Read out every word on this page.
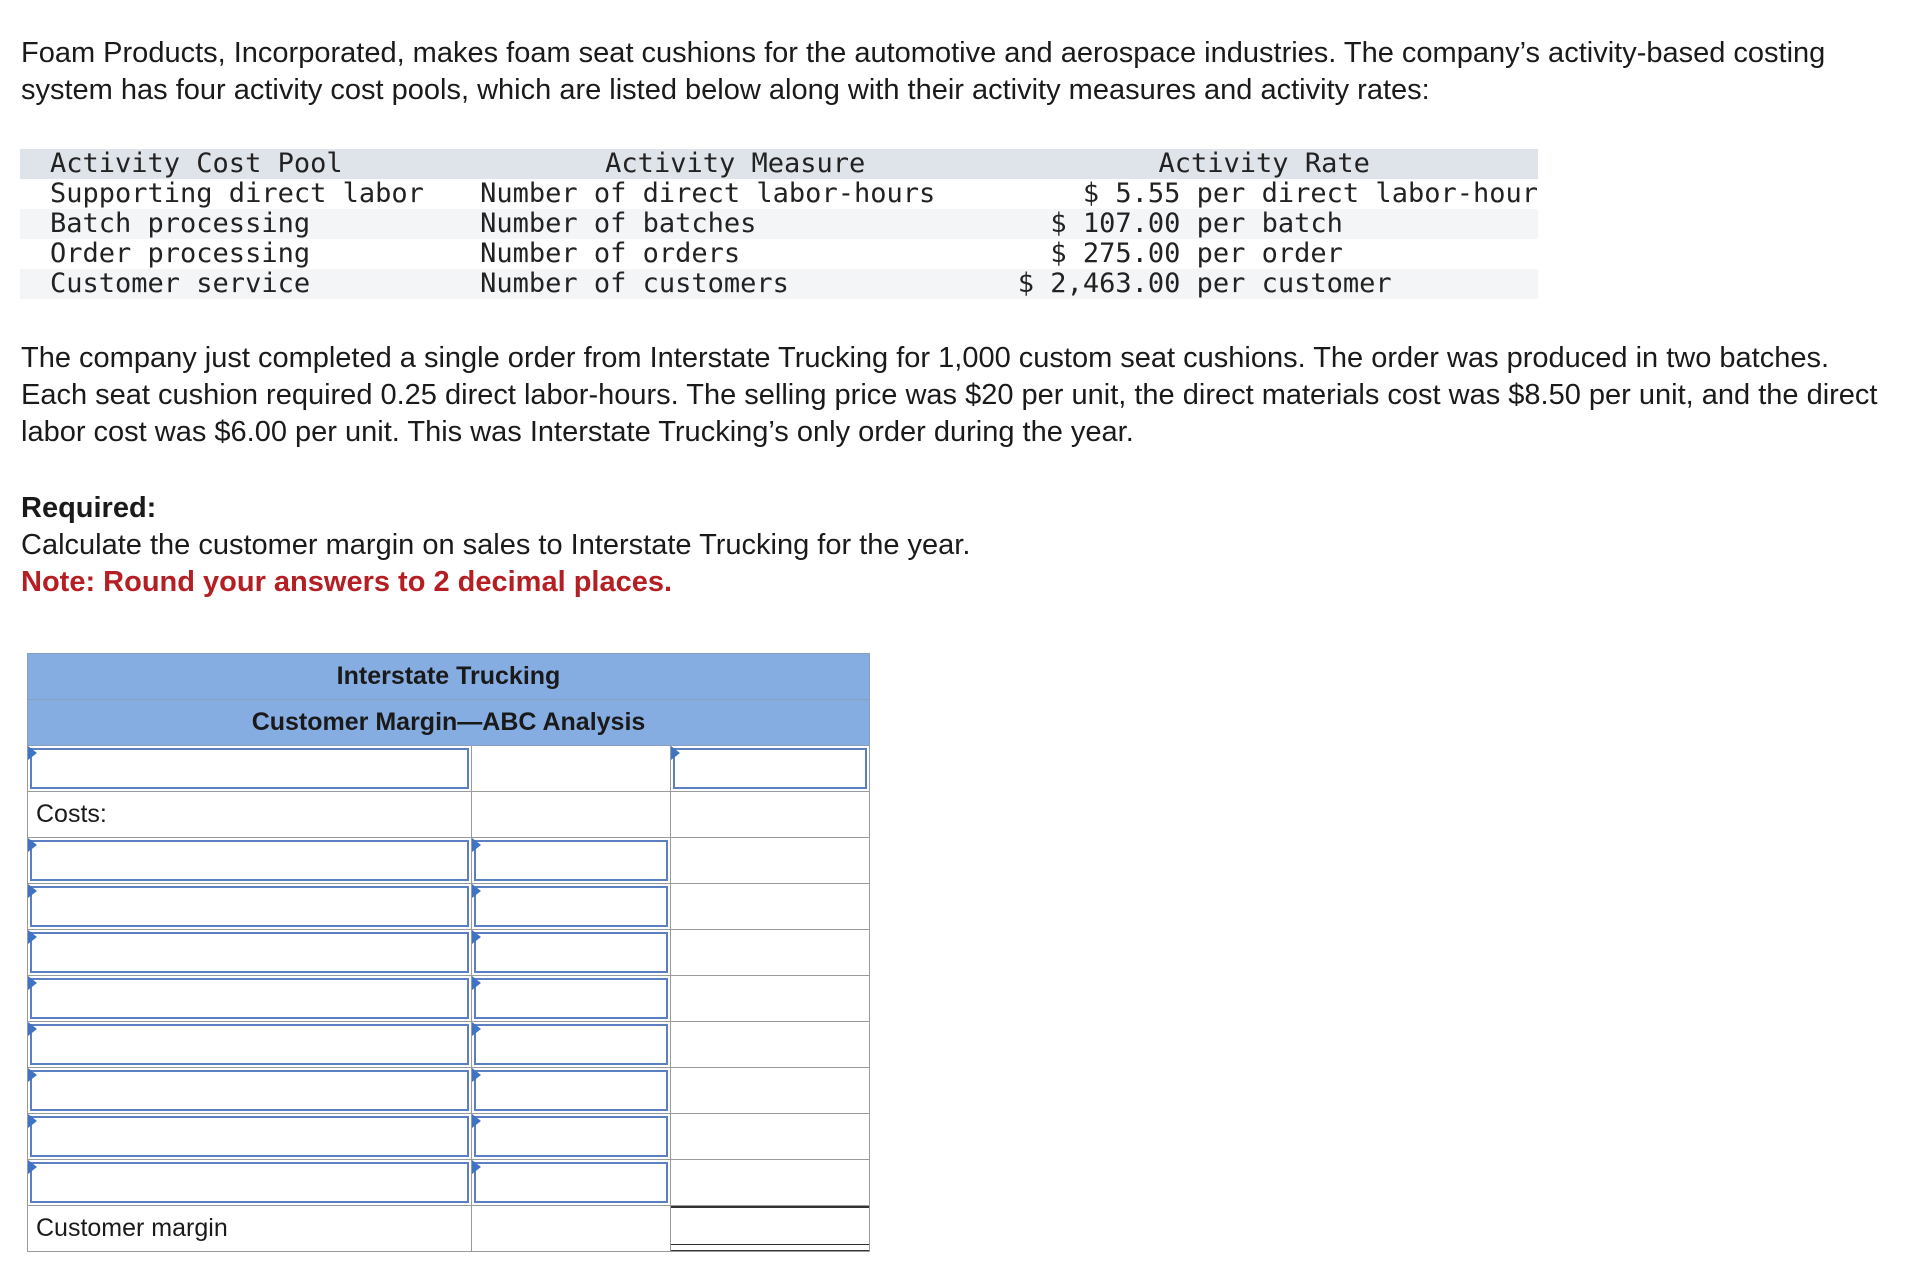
Foam Products, Incorporated, makes foam seat cushions for the automotive and aerospace industries. The company’s activity-based costing system has four activity cost pools, which are listed below along with their activity measures and activity rates:

Activity Cost Pool	Activity Measure	Activity Rate
Supporting direct labor	Number of direct labor-hours	$ 5.55 per direct labor-hour
Batch processing	Number of batches	$ 107.00 per batch
Order processing	Number of orders	$ 275.00 per order
Customer service	Number of customers	$ 2,463.00 per customer

The company just completed a single order from Interstate Trucking for 1,000 custom seat cushions. The order was produced in two batches. Each seat cushion required 0.25 direct labor-hours. The selling price was $20 per unit, the direct materials cost was $8.50 per unit, and the direct labor cost was $6.00 per unit. This was Interstate Trucking’s only order during the year.

Required:
Calculate the customer margin on sales to Interstate Trucking for the year.
Note: Round your answers to 2 decimal places.
Interstate Trucking		
Customer Margin—ABC Analysis		

Costs:		

Customer margin		
